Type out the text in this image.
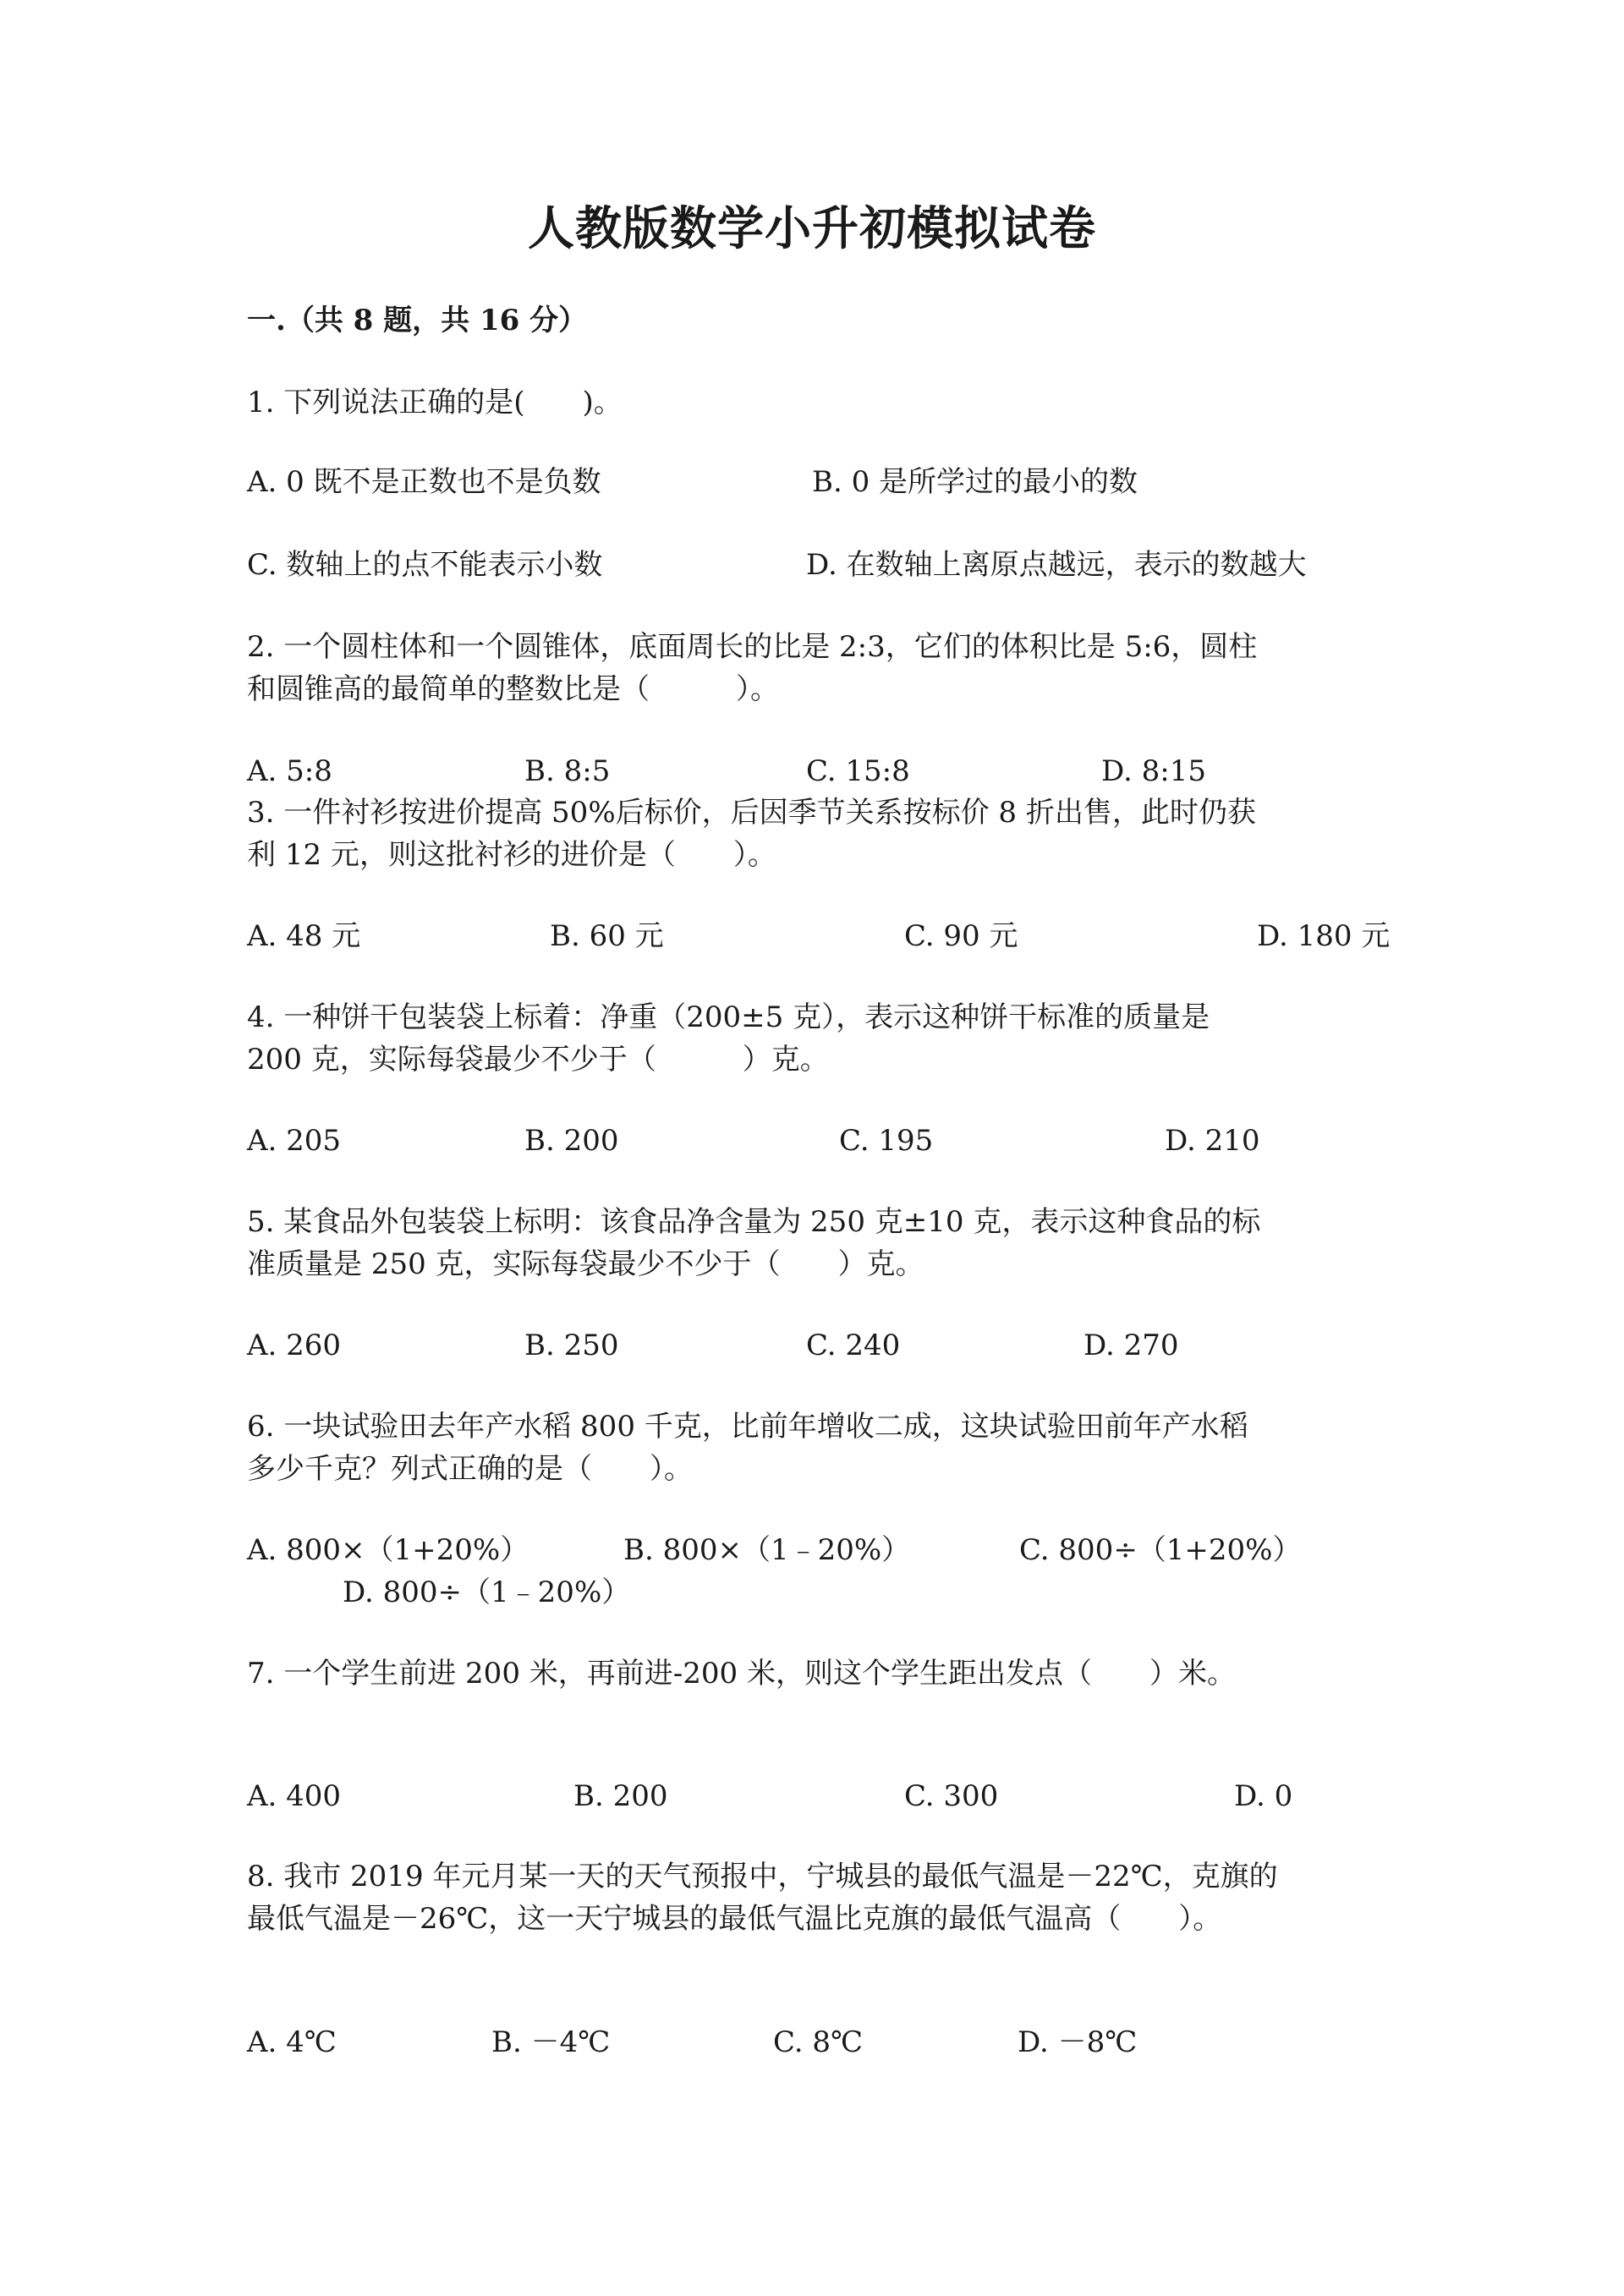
人教版数学小升初模拟试卷
一.（共 8 题，共 16 分）
1. 下列说法正确的是(　　)。
A. 0 既不是正数也不是负数	B. 0 是所学过的最小的数
C. 数轴上的点不能表示小数	D. 在数轴上离原点越远，表示的数越大
2. 一个圆柱体和一个圆锥体，底面周长的比是 2:3，它们的体积比是 5:6，圆柱
和圆锥高的最简单的整数比是（　　　）。
A. 5:8	B. 8:5	C. 15:8	D. 8:15
3. 一件衬衫按进价提高 50%后标价，后因季节关系按标价 8 折出售，此时仍获
利 12 元，则这批衬衫的进价是（　　）。
A. 48 元	B. 60 元	C. 90 元	D. 180 元
4. 一种饼干包装袋上标着：净重（200±5 克），表示这种饼干标准的质量是
200 克，实际每袋最少不少于（　　　）克。
A. 205	B. 200	C. 195	D. 210
5. 某食品外包装袋上标明：该食品净含量为 250 克±10 克，表示这种食品的标
准质量是 250 克，实际每袋最少不少于（　　）克。
A. 260	B. 250	C. 240	D. 270
6. 一块试验田去年产水稻 800 千克，比前年增收二成，这块试验田前年产水稻
多少千克？列式正确的是（　　）。
A. 800×（1+20%）	B. 800×（1﹣20%）	C. 800÷（1+20%）
D. 800÷（1﹣20%）
7. 一个学生前进 200 米，再前进-200 米，则这个学生距出发点（　　）米。
A. 400	B. 200	C. 300	D. 0
8. 我市 2019 年元月某一天的天气预报中，宁城县的最低气温是－22℃，克旗的
最低气温是－26℃，这一天宁城县的最低气温比克旗的最低气温高（　　）。
A. 4℃	B. －4℃	C. 8℃	D. －8℃
